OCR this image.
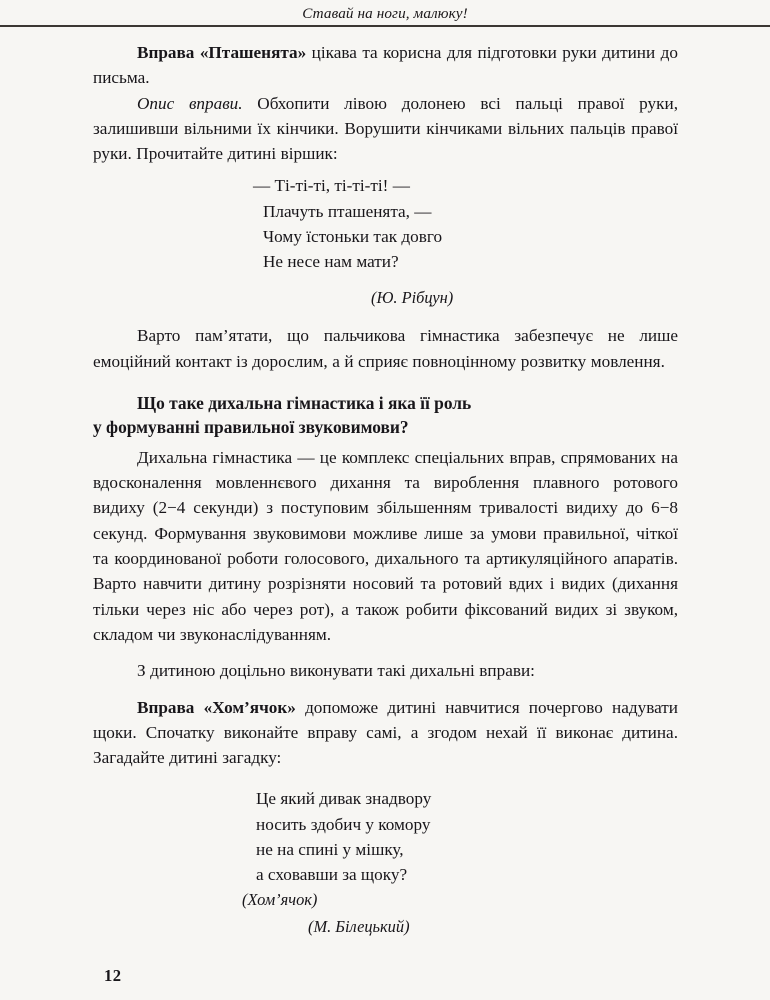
Ставай на ноги, малюку!

Вправа «Пташенята» цікава та корисна для підготовки руки дитини до письма.

Опис вправи. Обхопити лівою долонею всі пальці правої руки, залишивши вільними їх кінчики. Ворушити кінчиками вільних пальців правої руки. Прочитайте дитині віршик:

— Ті-ті-ті, ті-ті-ті! —
Плачуть пташенята, —
Чому їстоньки так довго
Не несе нам мати?
(Ю. Рібцун)

Варто пам’ятати, що пальчикова гімнастика забезпечує не лише емоційний контакт із дорослим, а й сприяє повноцінному розвитку мовлення.

Що таке дихальна гімнастика і яка її роль
у формуванні правильної звуковимови?

Дихальна гімнастика — це комплекс спеціальних вправ, спрямованих на вдосконалення мовленнєвого дихання та вироблення плавного ротового видиху (2−4 секунди) з поступовим збільшенням тривалості видиху до 6−8 секунд. Формування звуковимови можливе лише за умови правильної, чіткої та координованої роботи голосового, дихального та артикуляційного апаратів. Варто навчити дитину розрізняти носовий та ротовий вдих і видих (дихання тільки через ніс або через рот), а також робити фіксований видих зі звуком, складом чи звуконаслідуванням.

З дитиною доцільно виконувати такі дихальні вправи:

Вправа «Хом’ячок» допоможе дитині навчитися почергово надувати щоки. Спочатку виконайте вправу самі, а згодом нехай її виконає дитина. Загадайте дитині загадку:

Це який дивак знадвору
носить здобич у комору
не на спині у мішку,
а сховавши за щоку?
(Хом’ячок)
(М. Білецький)
12
